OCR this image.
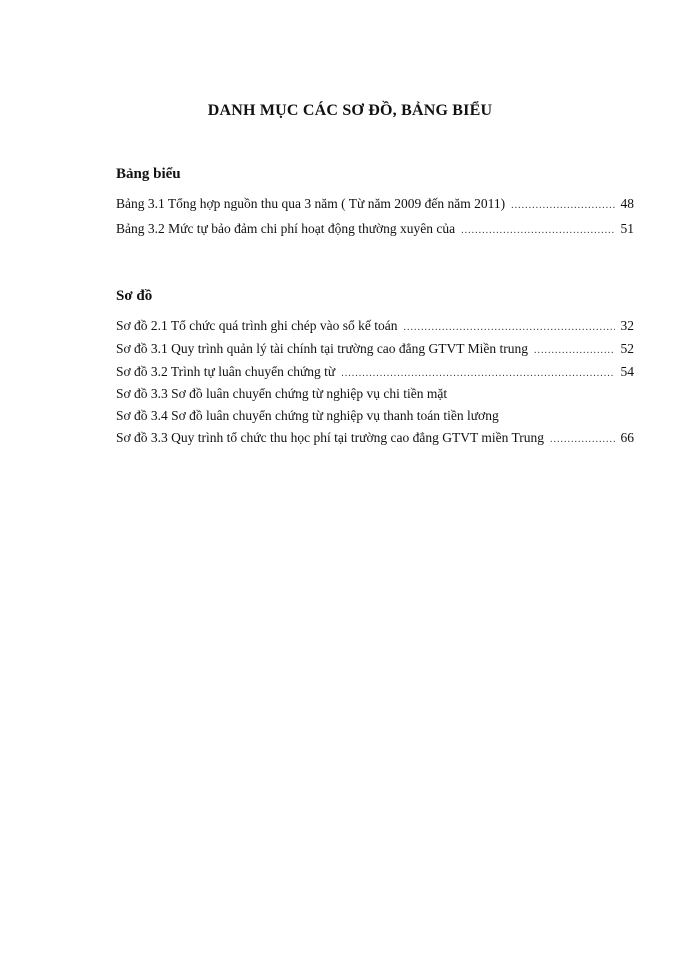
DANH MỤC CÁC SƠ ĐỒ, BẢNG BIỂU
Bảng biểu
Bảng 3.1 Tổng hợp nguồn thu qua 3 năm ( Từ năm 2009 đến năm 2011) .....	48
Bảng 3.2 Mức tự bảo đảm chi phí hoạt động thường xuyên của .....	51
Sơ đồ
Sơ đồ 2.1 Tổ chức quá trình ghi chép vào sổ kế toán .....	32
Sơ đồ 3.1 Quy trình quản lý tài chính tại trường cao đẳng GTVT Miền trung .....	52
Sơ đồ 3.2 Trình tự luân chuyển chứng từ .....	54
Sơ đồ 3.3 Sơ đồ luân chuyển chứng từ nghiệp vụ chi tiền mặt
Sơ đồ 3.4 Sơ đồ luân chuyển chứng từ nghiệp vụ thanh toán tiền lương
Sơ đồ 3.3 Quy trình tổ chức thu học phí tại trường cao đẳng GTVT miền Trung .....	66
